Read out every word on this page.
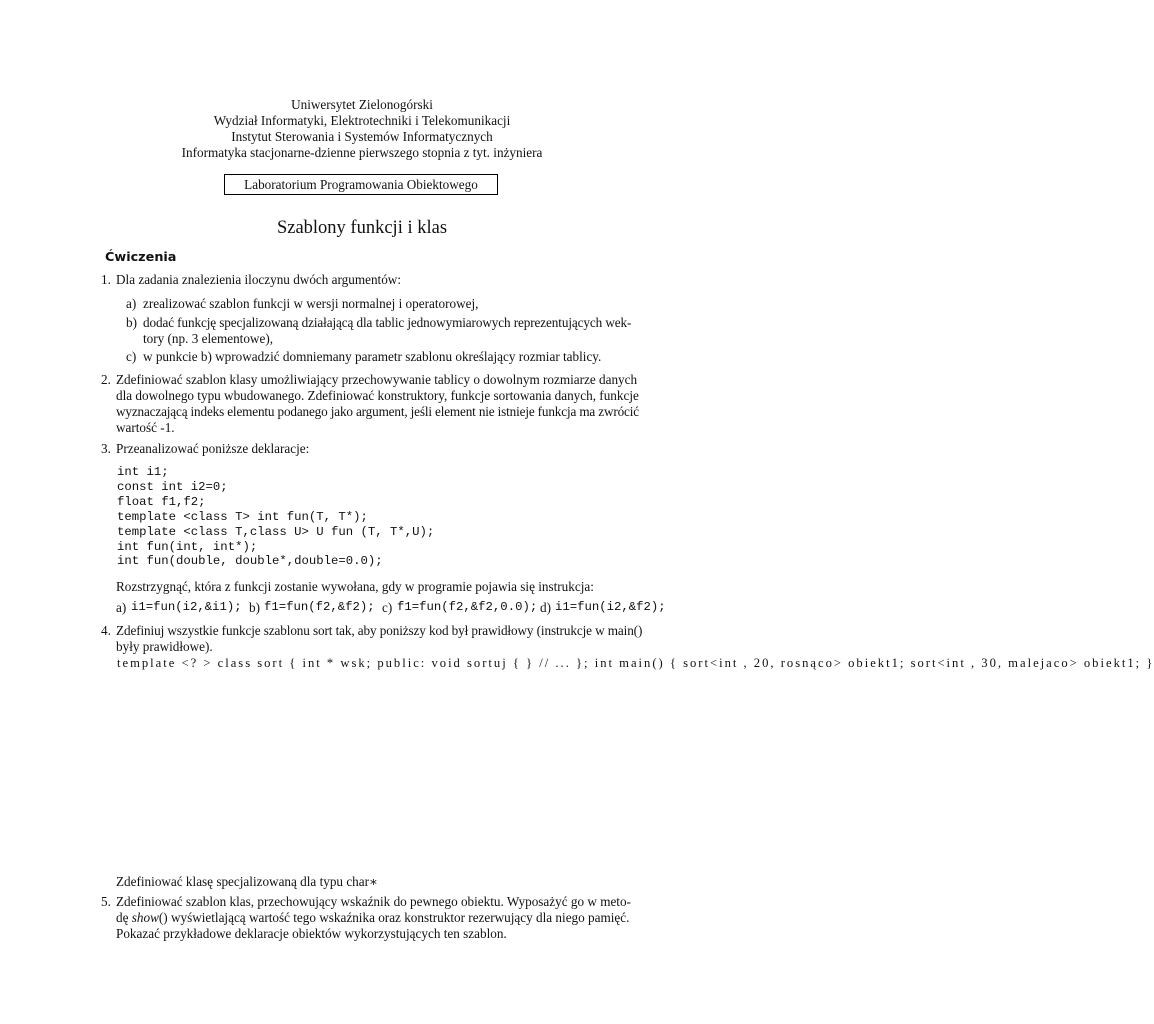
Uniwersytet Zielonogórski
Wydział Informatyki, Elektrotechniki i Telekomunikacji
Instytut Sterowania i Systemów Informatycznych
Informatyka stacjonarne-dzienne pierwszego stopnia z tyt. inżyniera
Laboratorium Programowania Obiektowego
Szablony funkcji i klas
Ćwiczenia
1. Dla zadania znalezienia iloczynu dwóch argumentów:
a) zrealizować szablon funkcji w wersji normalnej i operatorowej,
b) dodać funkcję specjalizowaną działającą dla tablic jednowymiarowych reprezentujących wek-
tory (np. 3 elementowe),
c) w punkcie b) wprowadzić domniemany parametr szablonu określający rozmiar tablicy.
2. Zdefiniować szablon klasy umożliwiający przechowywanie tablicy o dowolnym rozmiarze danych
dla dowolnego typu wbudowanego. Zdefiniować konstruktory, funkcje sortowania danych, funkcje
wyznaczającą indeks elementu podanego jako argument, jeśli element nie istnieje funkcja ma zwrócić
wartość -1.
3. Przeanalizować poniższe deklaracje:
int i1;
const int i2=0;
float f1,f2;
template <class T> int fun(T, T*);
template <class T,class U> U fun (T, T*,U);
int fun(int, int*);
int fun(double, double*,double=0.0);
Rozstrzygnąć, która z funkcji zostanie wywołana, gdy w programie pojawia się instrukcja:
a) i1=fun(i2,&i1); b) f1=fun(f2,&f2); c) f1=fun(f2,&f2,0.0); d) i1=fun(i2,&f2);
4. Zdefiniuj wszystkie funkcje szablonu sort tak, aby poniższy kod był prawidłowy (instrukcje w main()
były prawidłowe).
template <? > class sort { int * wsk; public: void sortuj { } // ... }; int main() { sort<int , 20, rosnąco> obiekt1; sort<int , 30, malejaco> obiekt1; }
Zdefiniować klasę specjalizowaną dla typu char∗
5. Zdefiniować szablon klas, przechowujący wskaźnik do pewnego obiektu. Wyposażyć go w meto-
dę show() wyświetlającą wartość tego wskaźnika oraz konstruktor rezerwujący dla niego pamięć.
Pokazać przykładowe deklaracje obiektów wykorzystujących ten szablon.
